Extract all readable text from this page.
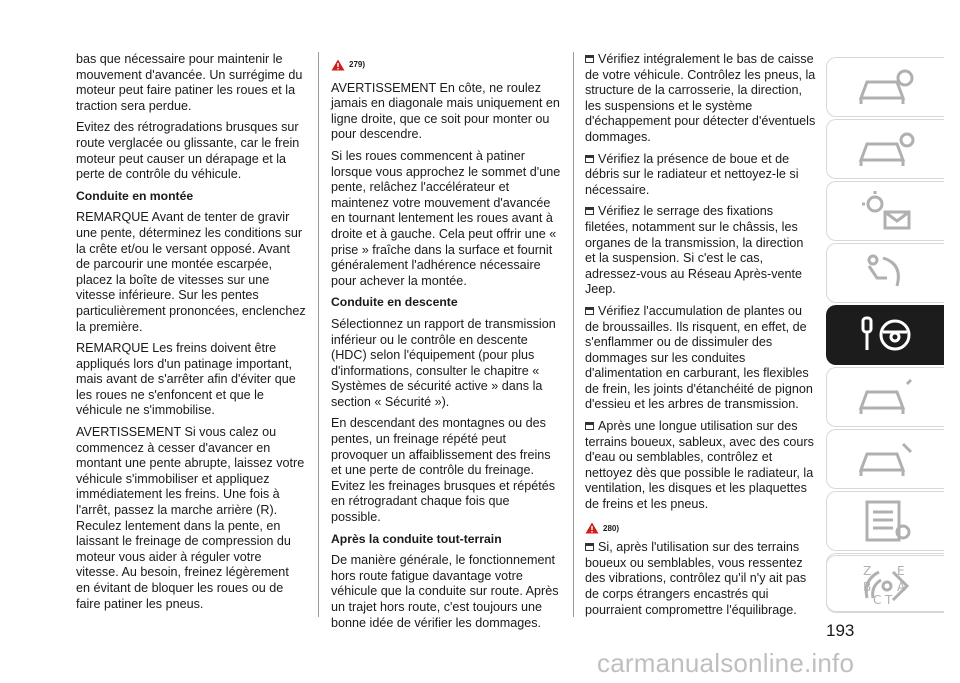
bas que nécessaire pour maintenir le mouvement d'avancée. Un surrégime du moteur peut faire patiner les roues et la traction sera perdue.

Evitez des rétrogradations brusques sur route verglacée ou glissante, car le frein moteur peut causer un dérapage et la perte de contrôle du véhicule.

Conduite en montée

REMARQUE Avant de tenter de gravir une pente, déterminez les conditions sur la crête et/ou le versant opposé. Avant de parcourir une montée escarpée, placez la boîte de vitesses sur une vitesse inférieure. Sur les pentes particulièrement prononcées, enclenchez la première.

REMARQUE Les freins doivent être appliqués lors d'un patinage important, mais avant de s'arrêter afin d'éviter que les roues ne s'enfoncent et que le véhicule ne s'immobilise.

AVERTISSEMENT Si vous calez ou commencez à cesser d'avancer en montant une pente abrupte, laissez votre véhicule s'immobiliser et appliquez immédiatement les freins. Une fois à l'arrêt, passez la marche arrière (R). Reculez lentement dans la pente, en laissant le freinage de compression du moteur vous aider à réguler votre vitesse. Au besoin, freinez légèrement en évitant de bloquer les roues ou de faire patiner les pneus.

279)

AVERTISSEMENT En côte, ne roulez jamais en diagonale mais uniquement en ligne droite, que ce soit pour monter ou pour descendre.

Si les roues commencent à patiner lorsque vous approchez le sommet d'une pente, relâchez l'accélérateur et maintenez votre mouvement d'avancée en tournant lentement les roues avant à droite et à gauche. Cela peut offrir une « prise » fraîche dans la surface et fournit généralement l'adhérence nécessaire pour achever la montée.

Conduite en descente

Sélectionnez un rapport de transmission inférieur ou le contrôle en descente (HDC) selon l'équipement (pour plus d'informations, consulter le chapitre « Systèmes de sécurité active » dans la section « Sécurité »).

En descendant des montagnes ou des pentes, un freinage répété peut provoquer un affaiblissement des freins et une perte de contrôle du freinage. Evitez les freinages brusques et répétés en rétrogradant chaque fois que possible.

Après la conduite tout-terrain

De manière générale, le fonctionnement hors route fatigue davantage votre véhicule que la conduite sur route. Après un trajet hors route, c'est toujours une bonne idée de vérifier les dommages.

Vérifiez intégralement le bas de caisse de votre véhicule. Contrôlez les pneus, la structure de la carrosserie, la direction, les suspensions et le système d'échappement pour détecter d'éventuels dommages.

Vérifiez la présence de boue et de débris sur le radiateur et nettoyez-le si nécessaire.

Vérifiez le serrage des fixations filetées, notamment sur le châssis, les organes de la transmission, la direction et la suspension. Si c'est le cas, adressez-vous au Réseau Après-vente Jeep.

Vérifiez l'accumulation de plantes ou de broussailles. Ils risquent, en effet, de s'enflammer ou de dissimuler des dommages sur les conduites d'alimentation en carburant, les flexibles de frein, les joints d'étanchéité de pignon d'essieu et les arbres de transmission.

Après une longue utilisation sur des terrains boueux, sableux, avec des cours d'eau ou semblables, contrôlez et nettoyez dès que possible le radiateur, la ventilation, les disques et les plaquettes de freins et les pneus.

280)

Si, après l'utilisation sur des terrains boueux ou semblables, vous ressentez des vibrations, contrôlez qu'il n'y ait pas de corps étrangers encastrés qui pourraient compromettre l'équilibrage.

Z E
B A
C T
193
carmanualsonline.info
